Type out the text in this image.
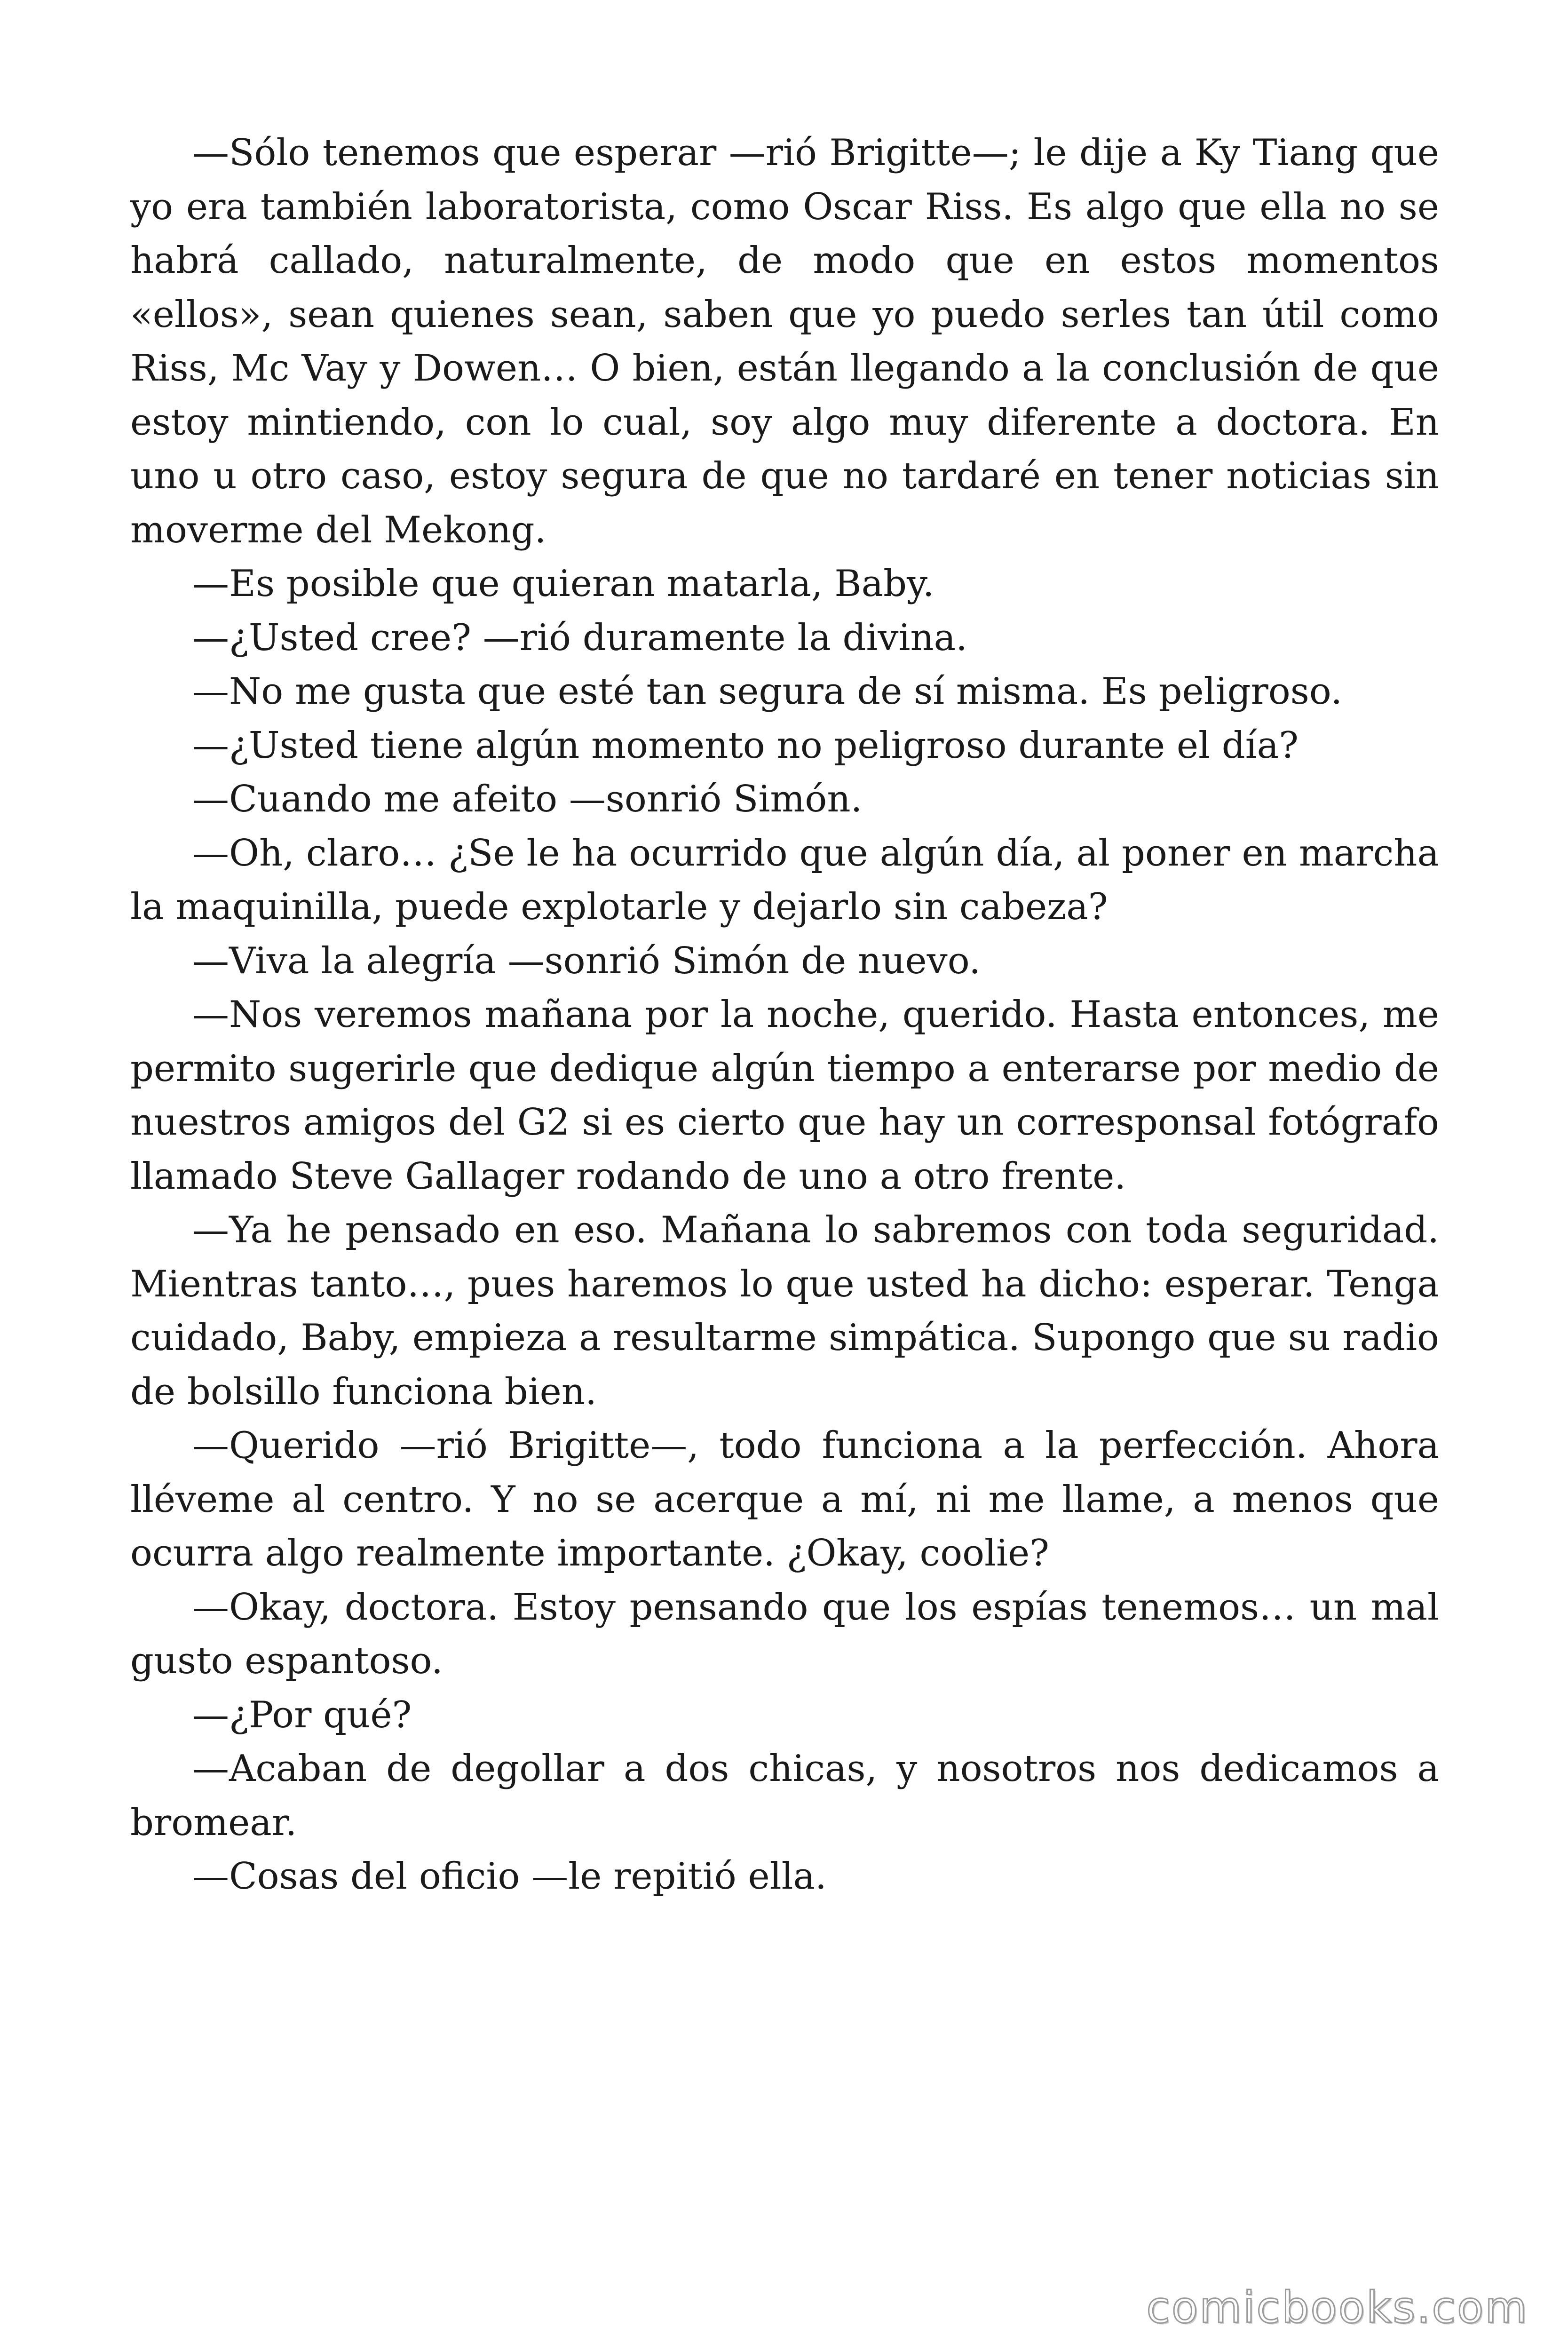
—Sólo tenemos que esperar —rió Brigitte—; le dije a Ky Tiang que yo era también laboratorista, como Oscar Riss. Es algo que ella no se habrá callado, naturalmente, de modo que en estos momentos «ellos», sean quienes sean, saben que yo puedo serles tan útil como Riss, Mc Vay y Dowen… O bien, están llegando a la conclusión de que estoy mintiendo, con lo cual, soy algo muy diferente a doctora. En uno u otro caso, estoy segura de que no tardaré en tener noticias sin moverme del Mekong.

—Es posible que quieran matarla, Baby.

—¿Usted cree? —rió duramente la divina.

—No me gusta que esté tan segura de sí misma. Es peligroso.

—¿Usted tiene algún momento no peligroso durante el día?

—Cuando me afeito —sonrió Simón.

—Oh, claro… ¿Se le ha ocurrido que algún día, al poner en marcha la maquinilla, puede explotarle y dejarlo sin cabeza?

—Viva la alegría —sonrió Simón de nuevo.

—Nos veremos mañana por la noche, querido. Hasta entonces, me permito sugerirle que dedique algún tiempo a enterarse por medio de nuestros amigos del G2 si es cierto que hay un corresponsal fotógrafo llamado Steve Gallager rodando de uno a otro frente.

—Ya he pensado en eso. Mañana lo sabremos con toda seguridad. Mientras tanto…, pues haremos lo que usted ha dicho: esperar. Tenga cuidado, Baby, empieza a resultarme simpática. Supongo que su radio de bolsillo funciona bien.

—Querido —rió Brigitte—, todo funciona a la perfección. Ahora lléveme al centro. Y no se acerque a mí, ni me llame, a menos que ocurra algo realmente importante. ¿Okay, coolie?

—Okay, doctora. Estoy pensando que los espías tenemos… un mal gusto espantoso.

—¿Por qué?

—Acaban de degollar a dos chicas, y nosotros nos dedicamos a bromear.

—Cosas del oficio —le repitió ella.

comicbooks.com
